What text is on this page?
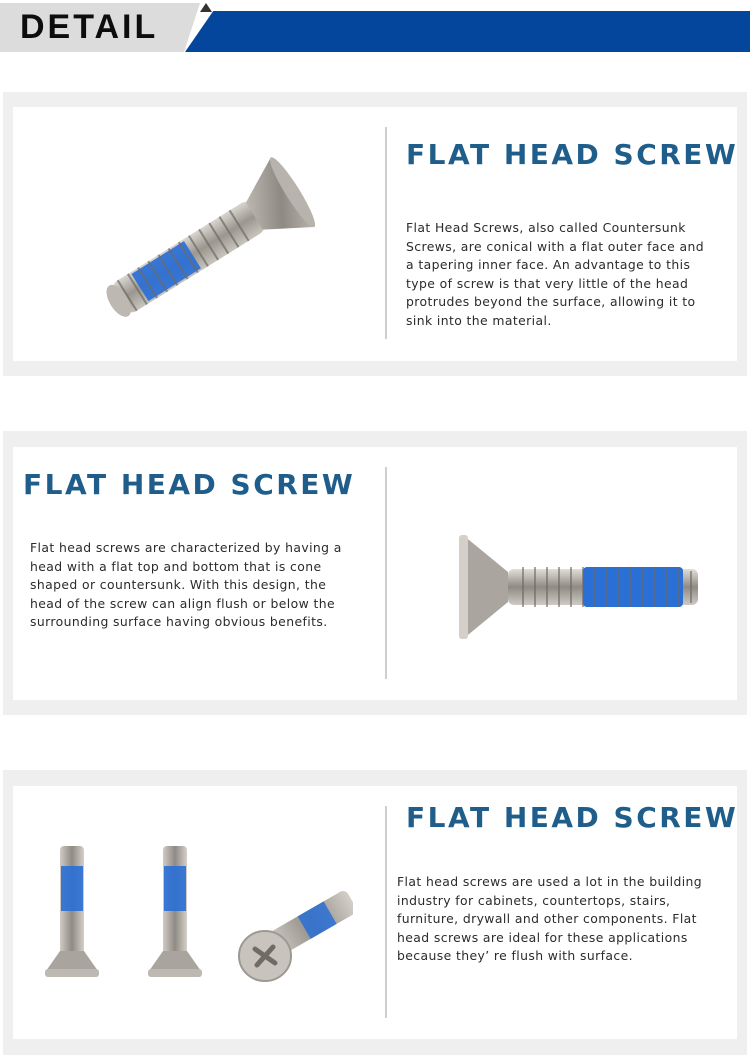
DETAIL
FLAT HEAD SCREW
Flat Head Screws, also called Countersunk Screws, are conical with a flat outer face and a tapering inner face. An advantage to this type of screw is that very little of the head protrudes beyond the surface, allowing it to sink into the material.
FLAT HEAD SCREW
Flat head screws are characterized by having a head with a flat top and bottom that is cone shaped or countersunk. With this design, the head of the screw can align flush or below the surrounding surface having obvious benefits.
FLAT HEAD SCREW
Flat head screws are used a lot in the building industry for cabinets, countertops, stairs, furniture, drywall and other components. Flat head screws are ideal for these applications because they’ re flush with surface.
